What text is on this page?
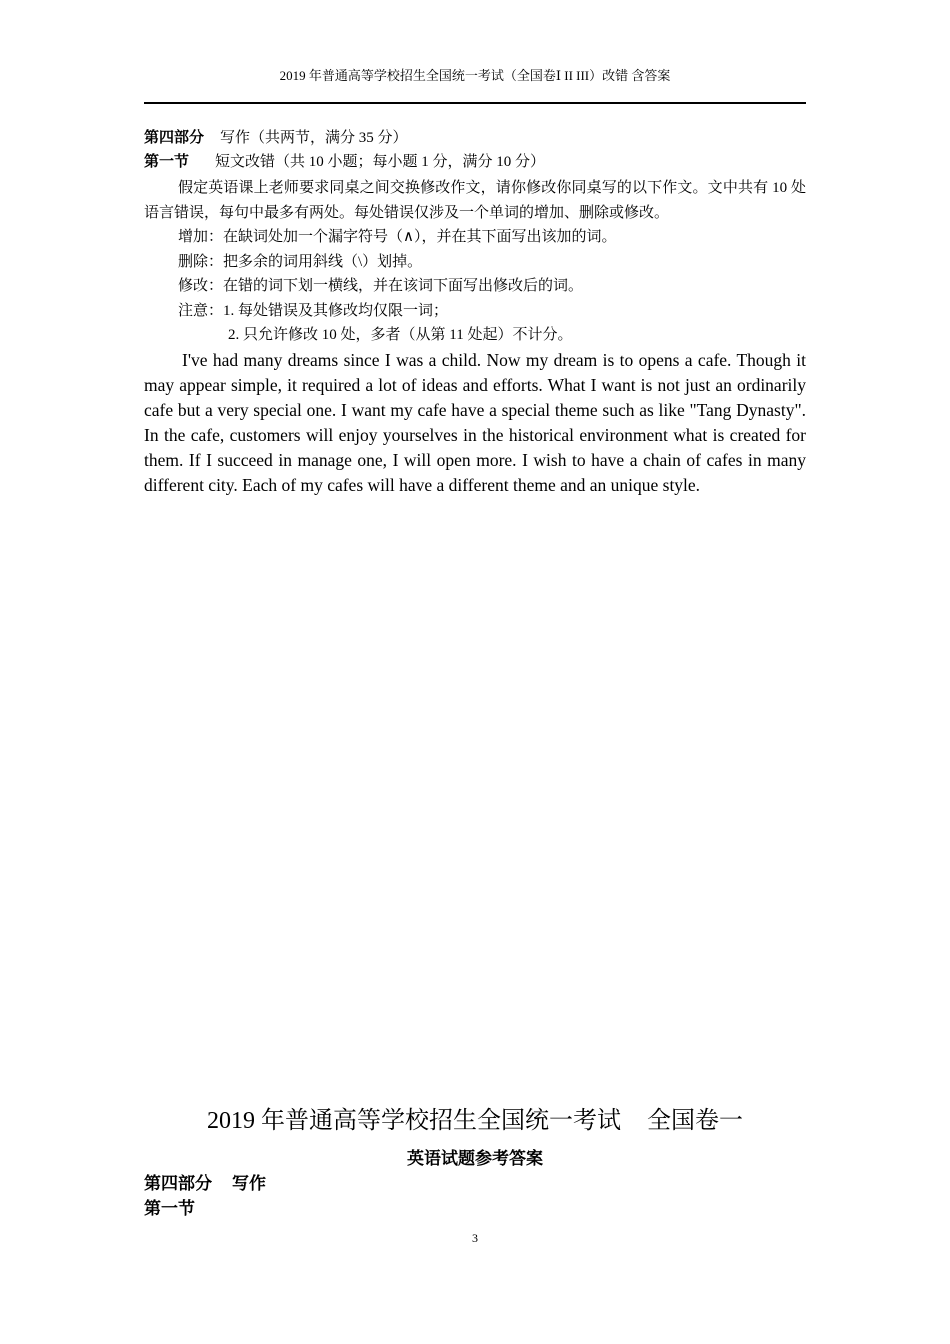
2019 年普通高等学校招生全国统一考试（全国卷Ⅰ II III）改错 含答案
第四部分 写作（共两节，满分 35 分）
第一节 短文改错（共 10 小题；每小题 1 分，满分 10 分）

假定英语课上老师要求同桌之间交换修改作文，请你修改你同桌写的以下作文。文中共有 10 处语言错误，每句中最多有两处。每处错误仅涉及一个单词的增加、删除或修改。

增加：在缺词处加一个漏字符号（∧），并在其下面写出该加的词。

删除：把多余的词用斜线（\）划掉。

修改：在错的词下划一横线，并在该词下面写出修改后的词。

注意：1. 每处错误及其修改均仅限一词；

2. 只允许修改 10 处，多者（从第 11 处起）不计分。

I've had many dreams since I was a child. Now my dream is to opens a cafe. Though it may appear simple, it required a lot of ideas and efforts. What I want is not just an ordinarily cafe but a very special one. I want my cafe have a special theme such as like "Tang Dynasty". In the cafe, customers will enjoy yourselves in the historical environment what is created for them. If I succeed in manage one, I will open more. I wish to have a chain of cafes in many different city. Each of my cafes will have a different theme and an unique style.

2019 年普通高等学校招生全国统一考试 全国卷一
英语试题参考答案
第四部分 写作
第一节
3
